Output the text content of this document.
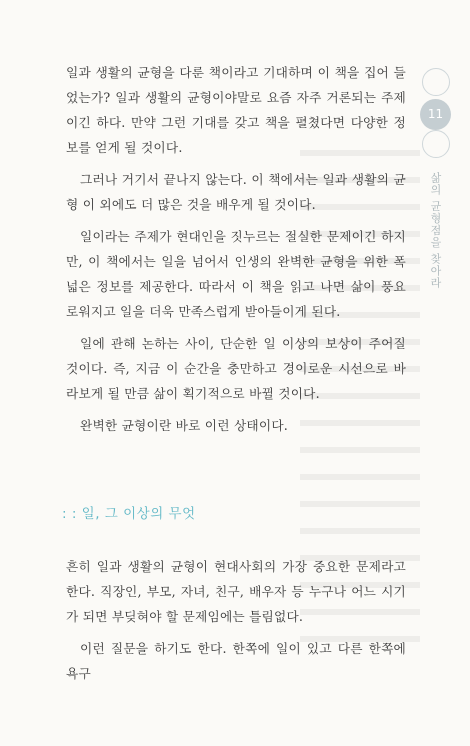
일과 생활의 균형을 다룬 책이라고 기대하며 이 책을 집어 들었는가? 일과 생활의 균형이야말로 요즘 자주 거론되는 주제이긴 하다. 만약 그런 기대를 갖고 책을 펼쳤다면 다양한 정보를 얻게 될 것이다.

그러나 거기서 끝나지 않는다. 이 책에서는 일과 생활의 균형 이 외에도 더 많은 것을 배우게 될 것이다.

일이라는 주제가 현대인을 짓누르는 절실한 문제이긴 하지만, 이 책에서는 일을 넘어서 인생의 완벽한 균형을 위한 폭넓은 정보를 제공한다. 따라서 이 책을 읽고 나면 삶이 풍요로워지고 일을 더욱 만족스럽게 받아들이게 된다.

일에 관해 논하는 사이, 단순한 일 이상의 보상이 주어질 것이다. 즉, 지금 이 순간을 충만하고 경이로운 시선으로 바라보게 될 만큼 삶이 획기적으로 바뀔 것이다.

완벽한 균형이란 바로 이런 상태이다.

: : 일, 그 이상의 무엇

흔히 일과 생활의 균형이 현대사회의 가장 중요한 문제라고 한다. 직장인, 부모, 자녀, 친구, 배우자 등 누구나 어느 시기가 되면 부딪혀야 할 문제임에는 틀림없다.

이런 질문을 하기도 한다. 한쪽에 일이 있고 다른 한쪽에 욕구

11
삶의 균형점을 찾아라
